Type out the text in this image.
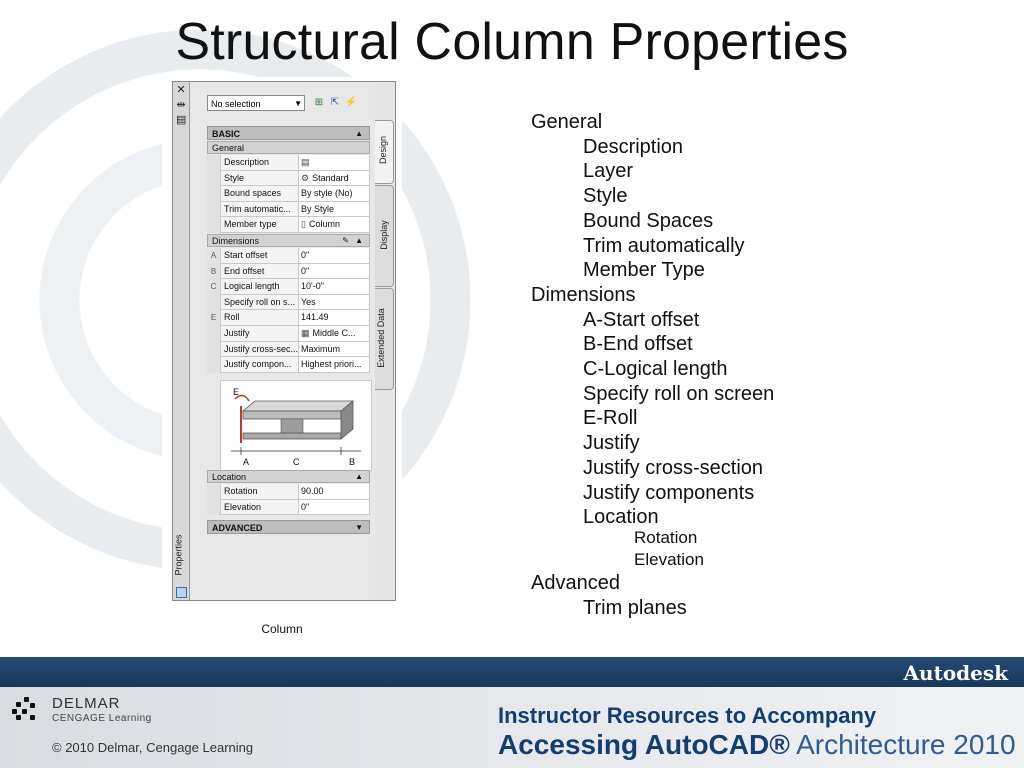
Structural Column Properties
✕
⇹
▤
Properties
No selection	▼ ⊞ ⇱ ⚡
BASIC	▲
General
Description	▤
Style	⚙ Standard
Bound spaces	By style (No)
Trim automatic...	By Style
Member type	▯ Column
Dimensions	✎ ▲
A Start offset	0"
B End offset	0"
C Logical length	10'-0"
Specify roll on s... Yes
E Roll	141.49
Justify	▦ Middle C...
Justify cross-sec... Maximum
Justify compon...	Highest priori...
E
A	C	B
Location	▲
Rotation	90.00
Elevation	0"
ADVANCED	▼
Design
Display
Extended Data
Column
General
Description
Layer
Style
Bound Spaces
Trim automatically
Member Type
Dimensions
A-Start offset
B-End offset
C-Logical length
Specify roll on screen
E-Roll
Justify
Justify cross-section
Justify components
Location
Rotation
Elevation
Advanced
Trim planes
Autodesk
DELMAR
CENGAGE Learning
© 2010 Delmar, Cengage Learning
Instructor Resources to Accompany
Accessing AutoCAD® Architecture 2010
